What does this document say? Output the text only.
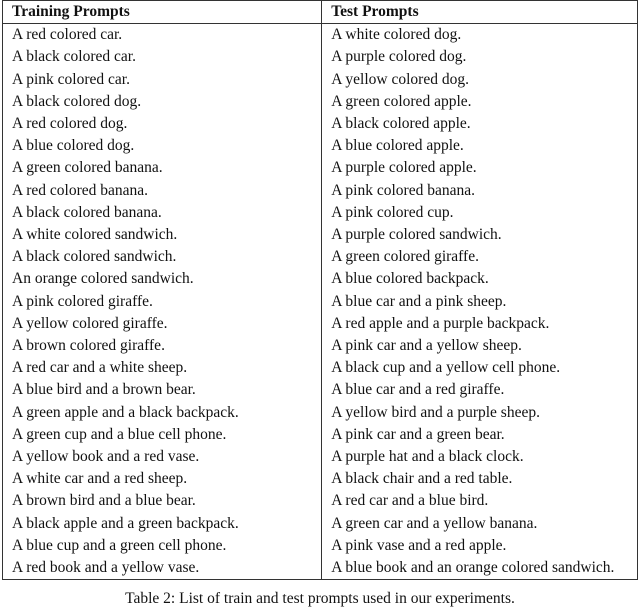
Training Prompts	Test Prompts
A red colored car.	A white colored dog.
A black colored car.	A purple colored dog.
A pink colored car.	A yellow colored dog.
A black colored dog.	A green colored apple.
A red colored dog.	A black colored apple.
A blue colored dog.	A blue colored apple.
A green colored banana.	A purple colored apple.
A red colored banana.	A pink colored banana.
A black colored banana.	A pink colored cup.
A white colored sandwich.	A purple colored sandwich.
A black colored sandwich.	A green colored giraffe.
An orange colored sandwich.	A blue colored backpack.
A pink colored giraffe.	A blue car and a pink sheep.
A yellow colored giraffe.	A red apple and a purple backpack.
A brown colored giraffe.	A pink car and a yellow sheep.
A red car and a white sheep.	A black cup and a yellow cell phone.
A blue bird and a brown bear.	A blue car and a red giraffe.
A green apple and a black backpack.	A yellow bird and a purple sheep.
A green cup and a blue cell phone.	A pink car and a green bear.
A yellow book and a red vase.	A purple hat and a black clock.
A white car and a red sheep.	A black chair and a red table.
A brown bird and a blue bear.	A red car and a blue bird.
A black apple and a green backpack.	A green car and a yellow banana.
A blue cup and a green cell phone.	A pink vase and a red apple.
A red book and a yellow vase.	A blue book and an orange colored sandwich.
Table 2: List of train and test prompts used in our experiments.
